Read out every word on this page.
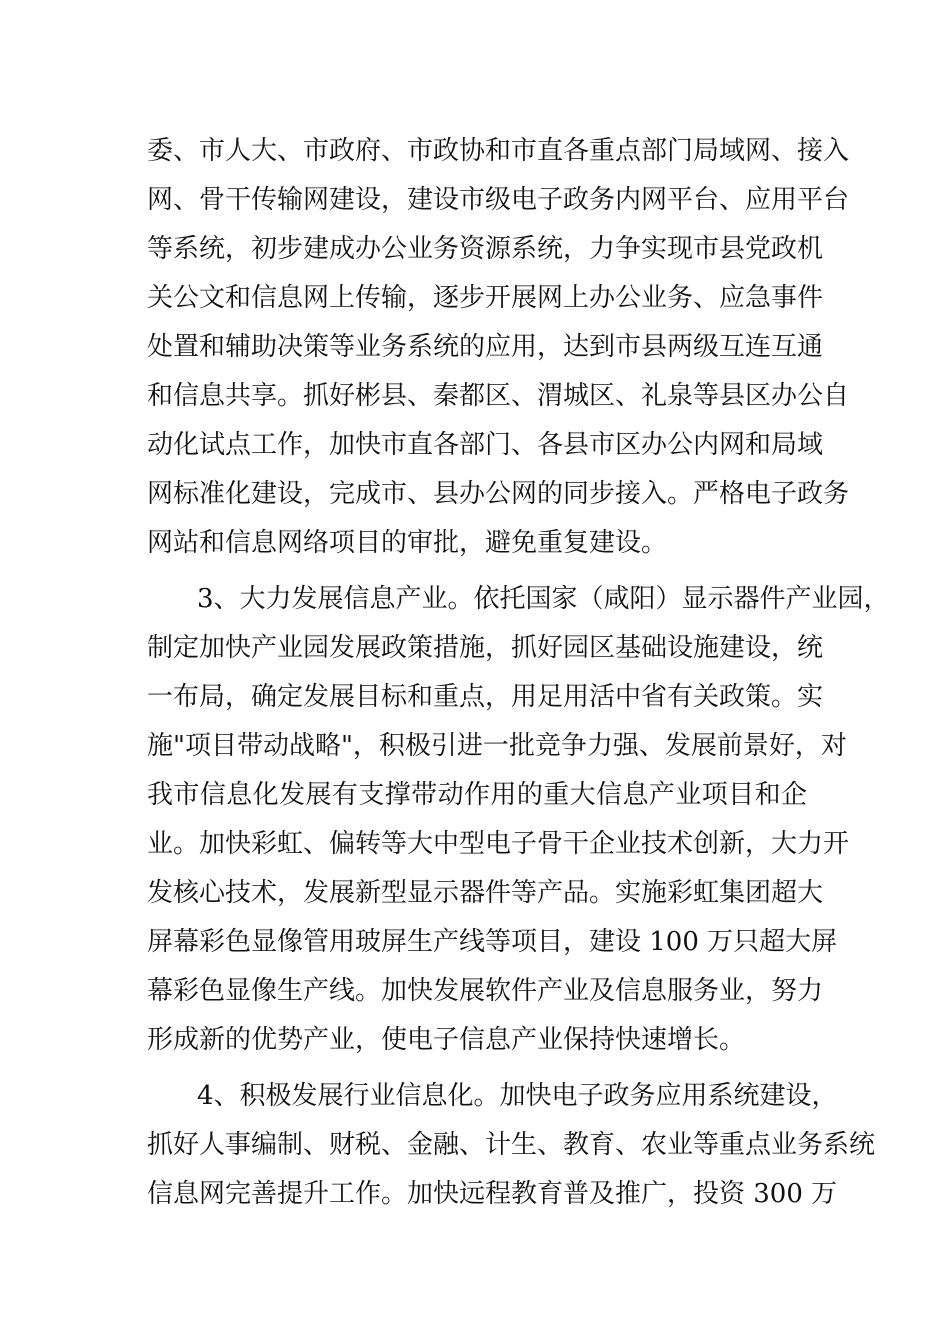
委、市人大、市政府、市政协和市直各重点部门局域网、接入
网、骨干传输网建设，建设市级电子政务内网平台、应用平台
等系统，初步建成办公业务资源系统，力争实现市县党政机
关公文和信息网上传输，逐步开展网上办公业务、应急事件
处置和辅助决策等业务系统的应用，达到市县两级互连互通
和信息共享。抓好彬县、秦都区、渭城区、礼泉等县区办公自
动化试点工作，加快市直各部门、各县市区办公内网和局域
网标准化建设，完成市、县办公网的同步接入。严格电子政务
网站和信息网络项目的审批，避免重复建设。
3、大力发展信息产业。依托国家（咸阳）显示器件产业园，
制定加快产业园发展政策措施，抓好园区基础设施建设，统
一布局，确定发展目标和重点，用足用活中省有关政策。实
施"项目带动战略"，积极引进一批竞争力强、发展前景好，对
我市信息化发展有支撑带动作用的重大信息产业项目和企
业。加快彩虹、偏转等大中型电子骨干企业技术创新，大力开
发核心技术，发展新型显示器件等产品。实施彩虹集团超大
屏幕彩色显像管用玻屏生产线等项目，建设 100 万只超大屏
幕彩色显像生产线。加快发展软件产业及信息服务业，努力
形成新的优势产业，使电子信息产业保持快速增长。
4、积极发展行业信息化。加快电子政务应用系统建设，
抓好人事编制、财税、金融、计生、教育、农业等重点业务系统
信息网完善提升工作。加快远程教育普及推广，投资 300 万
